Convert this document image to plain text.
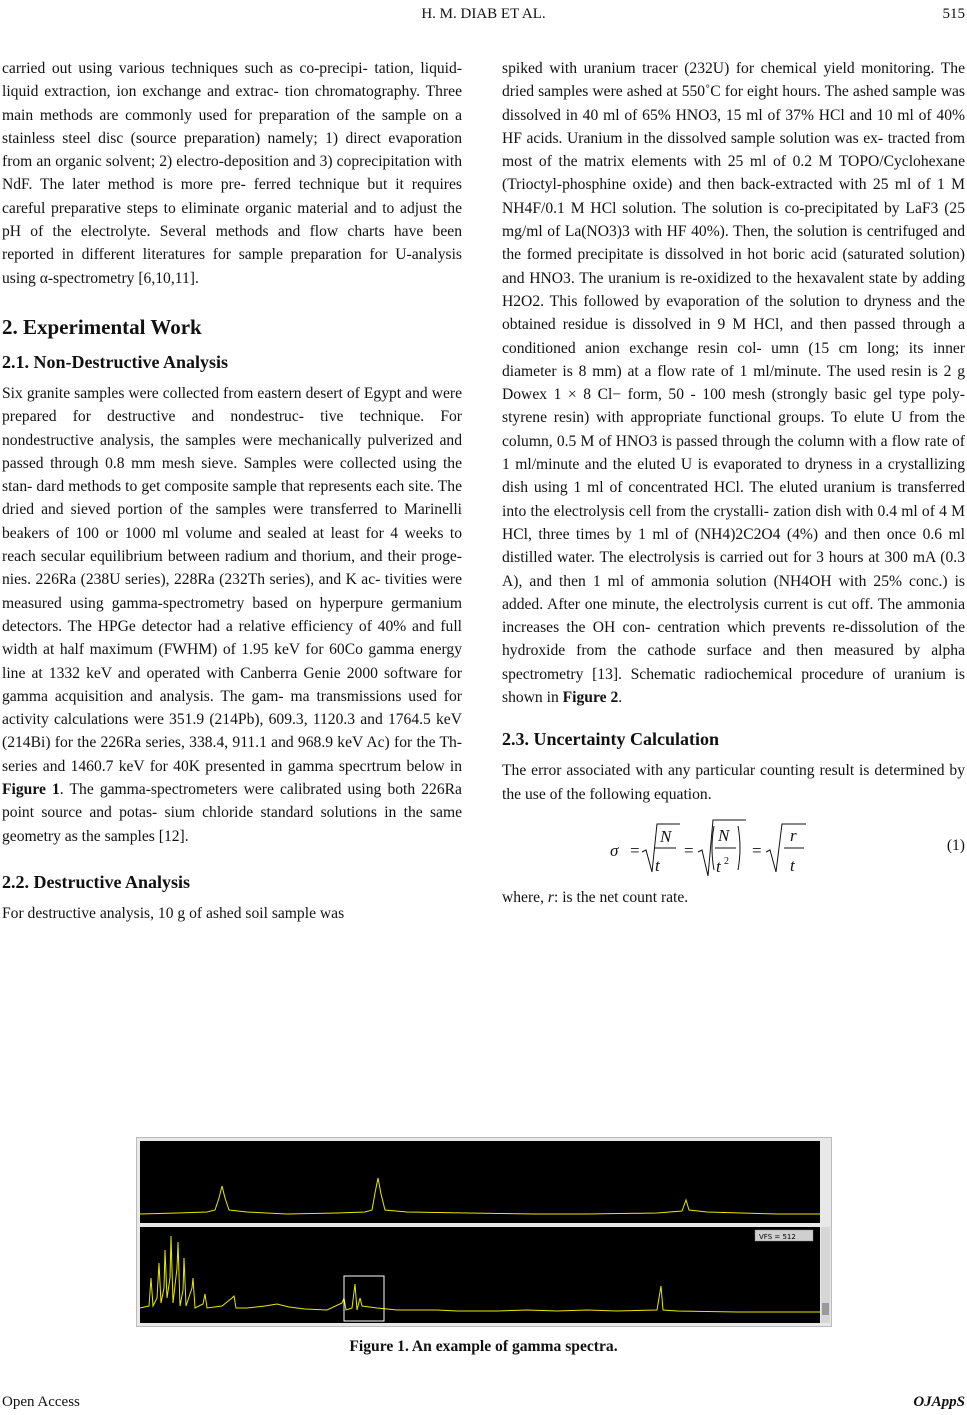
H. M. DIAB ET AL.	515

carried out using various techniques such as co-precipi- tation, liquid-liquid extraction, ion exchange and extrac- tion chromatography. Three main methods are commonly used for preparation of the sample on a stainless steel disc (source preparation) namely; 1) direct evaporation from an organic solvent; 2) electro-deposition and 3) coprecipitation with NdF. The later method is more pre- ferred technique but it requires careful preparative steps to eliminate organic material and to adjust the pH of the electrolyte. Several methods and flow charts have been reported in different literatures for sample preparation for U-analysis using α-spectrometry [6,10,11].

2. Experimental Work
2.1. Non-Destructive Analysis

Six granite samples were collected from eastern desert of Egypt and were prepared for destructive and nondestruc- tive technique. For nondestructive analysis, the samples were mechanically pulverized and passed through 0.8 mm mesh sieve. Samples were collected using the stan- dard methods to get composite sample that represents each site. The dried and sieved portion of the samples were transferred to Marinelli beakers of 100 or 1000 ml volume and sealed at least for 4 weeks to reach secular equilibrium between radium and thorium, and their proge- nies. 226Ra (238U series), 228Ra (232Th series), and K ac- tivities were measured using gamma-spectrometry based on hyperpure germanium detectors. The HPGe detector had a relative efficiency of 40% and full width at half maximum (FWHM) of 1.95 keV for 60Co gamma energy line at 1332 keV and operated with Canberra Genie 2000 software for gamma acquisition and analysis. The gam- ma transmissions used for activity calculations were 351.9 (214Pb), 609.3, 1120.3 and 1764.5 keV (214Bi) for the 226Ra series, 338.4, 911.1 and 968.9 keV Ac) for the Th-series and 1460.7 keV for 40K presented in gamma specrtrum below in Figure 1. The gamma-spectrometers were calibrated using both 226Ra point source and potas- sium chloride standard solutions in the same geometry as the samples [12].

2.2. Destructive Analysis

For destructive analysis, 10 g of ashed soil sample was

spiked with uranium tracer (232U) for chemical yield monitoring. The dried samples were ashed at 550˚C for eight hours. The ashed sample was dissolved in 40 ml of 65% HNO3, 15 ml of 37% HCl and 10 ml of 40% HF acids. Uranium in the dissolved sample solution was ex- tracted from most of the matrix elements with 25 ml of 0.2 M TOPO/Cyclohexane (Trioctyl-phosphine oxide) and then back-extracted with 25 ml of 1 M NH4F/0.1 M HCl solution. The solution is co-precipitated by LaF3 (25 mg/ml of La(NO3)3 with HF 40%). Then, the solution is centrifuged and the formed precipitate is dissolved in hot boric acid (saturated solution) and HNO3. The uranium is re-oxidized to the hexavalent state by adding H2O2. This followed by evaporation of the solution to dryness and the obtained residue is dissolved in 9 M HCl, and then passed through a conditioned anion exchange resin col- umn (15 cm long; its inner diameter is 8 mm) at a flow rate of 1 ml/minute. The used resin is 2 g Dowex 1 × 8 Cl− form, 50 - 100 mesh (strongly basic gel type poly- styrene resin) with appropriate functional groups. To elute U from the column, 0.5 M of HNO3 is passed through the column with a flow rate of 1 ml/minute and the eluted U is evaporated to dryness in a crystallizing dish using 1 ml of concentrated HCl. The eluted uranium is transferred into the electrolysis cell from the crystalli- zation dish with 0.4 ml of 4 M HCl, three times by 1 ml of (NH4)2C2O4 (4%) and then once 0.6 ml distilled water. The electrolysis is carried out for 3 hours at 300 mA (0.3 A), and then 1 ml of ammonia solution (NH4OH with 25% conc.) is added. After one minute, the electrolysis current is cut off. The ammonia increases the OH con- centration which prevents re-dissolution of the hydroxide from the cathode surface and then measured by alpha spectrometry [13]. Schematic radiochemical procedure of uranium is shown in Figure 2.

2.3. Uncertainty Calculation

The error associated with any particular counting result is determined by the use of the following equation.

σ =
N
t
=
N
t 2
=
r
t
(1)

where, r: is the net count rate.

VFS = 512
Figure 1. An example of gamma spectra.
Open Access	OJAppS
